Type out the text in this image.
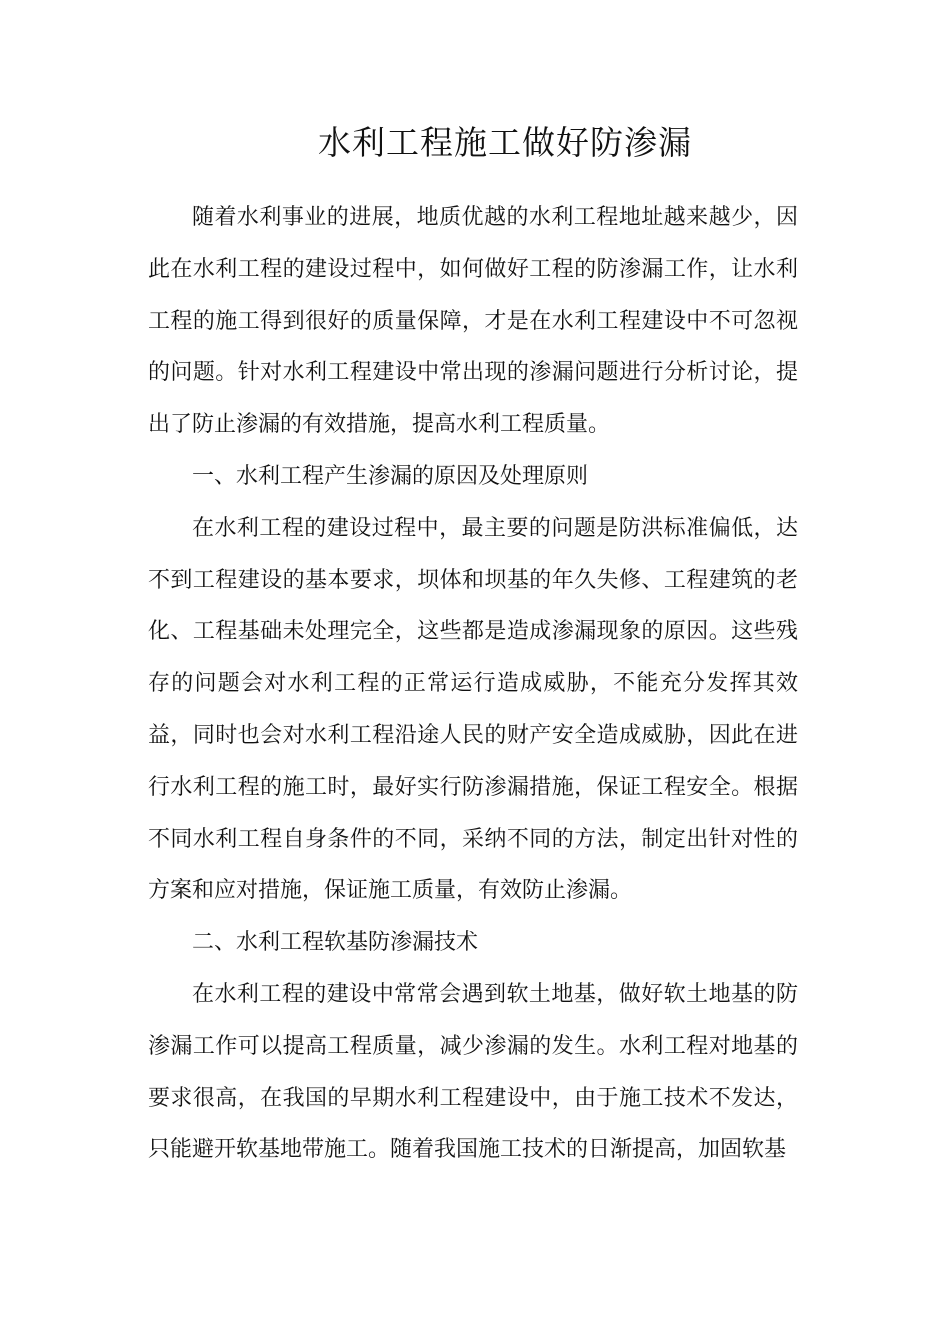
水利工程施工做好防渗漏

随着水利事业的进展，地质优越的水利工程地址越来越少，因此在水利工程的建设过程中，如何做好工程的防渗漏工作，让水利工程的施工得到很好的质量保障，才是在水利工程建设中不可忽视的问题。针对水利工程建设中常出现的渗漏问题进行分析讨论，提出了防止渗漏的有效措施，提高水利工程质量。

一、水利工程产生渗漏的原因及处理原则

在水利工程的建设过程中，最主要的问题是防洪标准偏低，达不到工程建设的基本要求，坝体和坝基的年久失修、工程建筑的老化、工程基础未处理完全，这些都是造成渗漏现象的原因。这些残存的问题会对水利工程的正常运行造成威胁，不能充分发挥其效益，同时也会对水利工程沿途人民的财产安全造成威胁，因此在进行水利工程的施工时，最好实行防渗漏措施，保证工程安全。根据不同水利工程自身条件的不同，采纳不同的方法，制定出针对性的方案和应对措施，保证施工质量，有效防止渗漏。

二、水利工程软基防渗漏技术

在水利工程的建设中常常会遇到软土地基，做好软土地基的防渗漏工作可以提高工程质量，减少渗漏的发生。水利工程对地基的要求很高，在我国的早期水利工程建设中，由于施工技术不发达，只能避开软基地带施工。随着我国施工技术的日渐提高，加固软基
